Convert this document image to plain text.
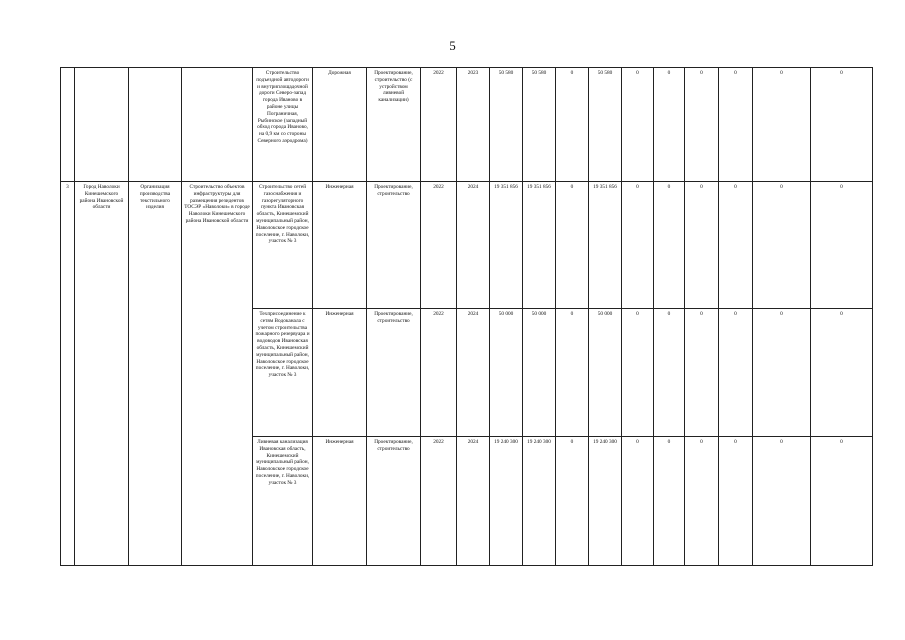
5
				Строительство подъездной автодороги и внутриплощадочной дороги Северо-запад города Иваново в районе улицы Пограничная, Рыбинское (западный обход города Иваново, на 0,9 км со стороны Северного аэродрома)	Дорожная	Проектирование, строительство (с устройством ливневой канализации)	2022	2023	50 580	50 580	0	50 580	0	0	0	0	0	0
3	Город Наволоки Кинешемского района Ивановской области	Организация производства текстильного изделия	Строительство объектов инфраструктуры для размещения резидентов ТОСЭР «Наволоки» в городе Наволоки Кинешемского района Ивановской области	Строительство сетей газоснабжения и газорегуляторного пункта Ивановская область, Кинешемский муниципальный район, Наволокское городское поселение, г. Наволоки, участок № 3	Инженерная	Проектирование, строительство	2022	2024	19 351 856	19 351 856	0	19 351 856	0	0	0	0	0	0
				Техприсоединение к сетям Водоканала с учетом строительства пожарного резервуара и водоводов Ивановская область, Кинешемский муниципальный район, Наволокское городское поселение, г. Наволоки, участок № 3	Инженерная	Проектирование, строительство	2022	2024	50 000	50 000	0	50 000	0	0	0	0	0	0
				Ливневая канализация Ивановская область, Кинешемский муниципальный район, Наволокское городское поселение, г. Наволоки, участок № 3	Инженерная	Проектирование, строительство	2022	2024	19 240 300	19 240 300	0	19 240 300	0	0	0	0	0	0
